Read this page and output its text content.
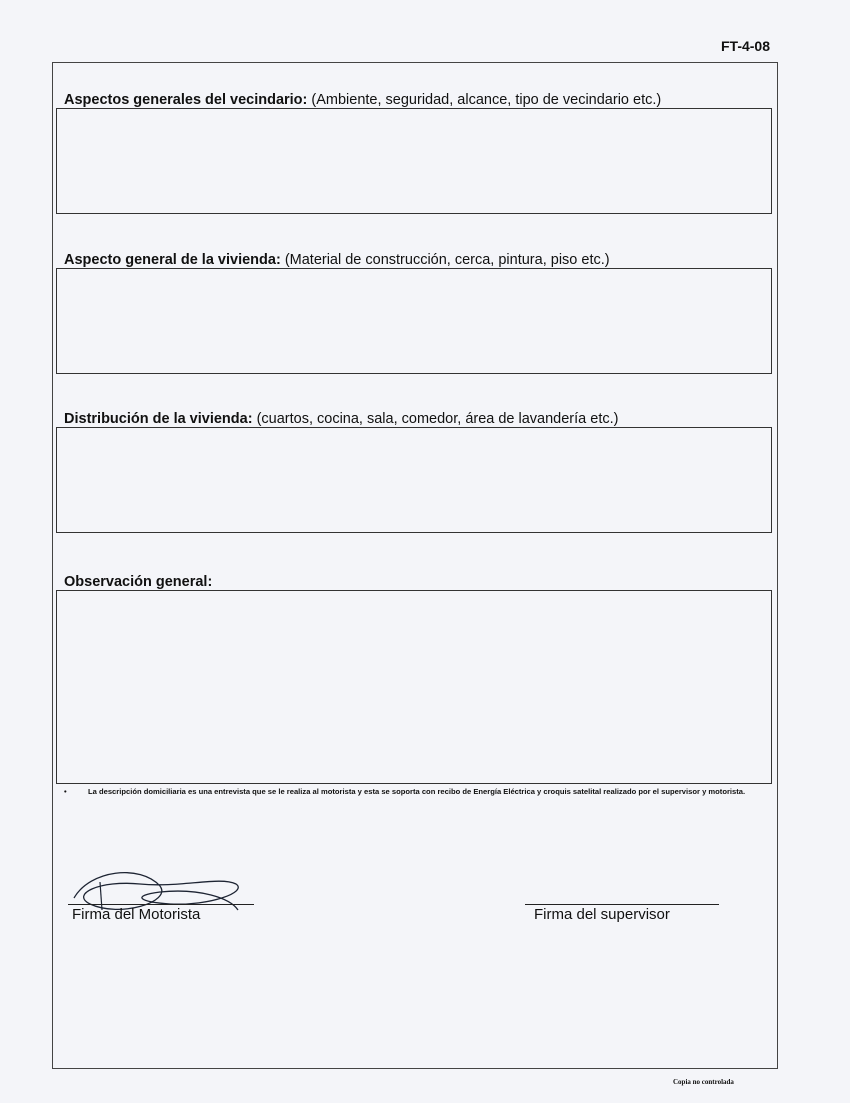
FT-4-08
Aspectos generales del vecindario: (Ambiente, seguridad, alcance, tipo de vecindario etc.)
Aspecto general de la vivienda: (Material de construcción, cerca, pintura, piso etc.)
Distribución de la vivienda: (cuartos, cocina, sala, comedor, área de lavandería etc.)
Observación general:
•	La descripción domiciliaria es una entrevista que se le realiza al motorista y esta se soporta con recibo de Energía Eléctrica y croquis satelital realizado por el supervisor y motorista.
Firma del Motorista	Firma del supervisor
Copia no controlada
